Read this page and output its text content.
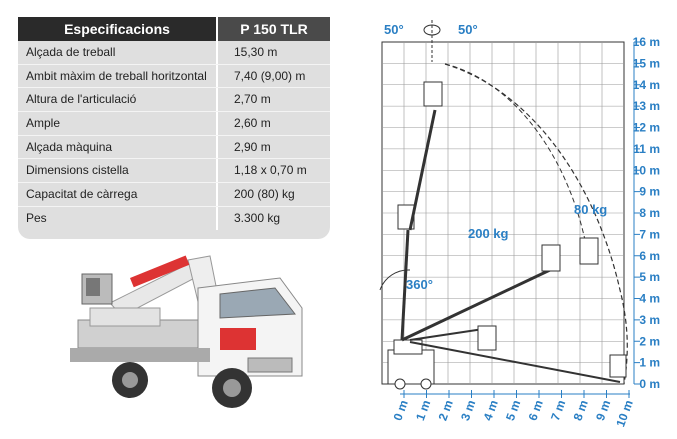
Especificacions	P 150 TLR
Alçada de treball	15,30 m
Ambit màxim de treball horitzontal	7,40 (9,00) m
Altura de l'articulació	2,70 m
Ample	2,60 m
Alçada màquina	2,90 m
Dimensions cistella	1,18 x 0,70 m
Capacitat de càrrega	200 (80) kg
Pes	3.300 kg
0 m
1 m
2 m
3 m
4 m
5 m
6 m
7 m
8 m
9 m
10 m
11 m
12 m
13 m
14 m
15 m
16 m
0 m 1 m 2 m 3 m 4 m 5 m 6 m 7 m 8 m 9 m 10 m
50°	50°
200 kg
80 kg
360°
